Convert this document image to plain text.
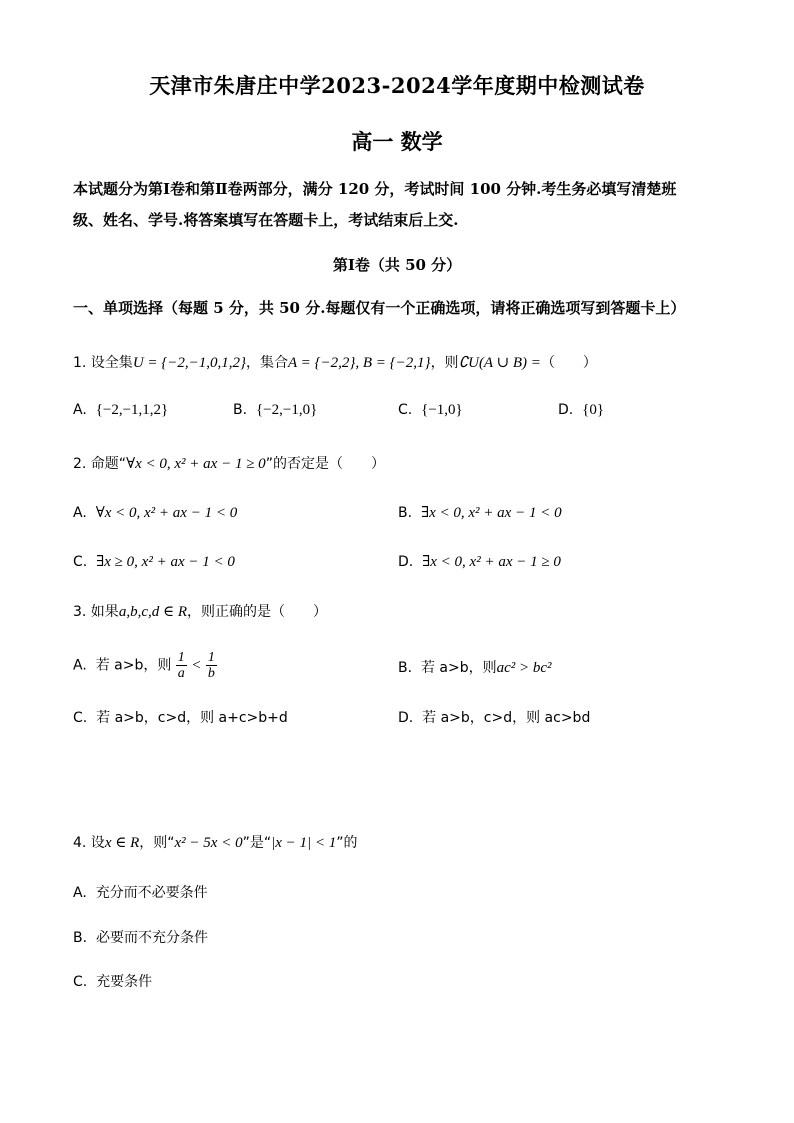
天津市朱唐庄中学2023-2024学年度期中检测试卷
高一 数学
本试题分为第Ⅰ卷和第Ⅱ卷两部分，满分 120 分，考试时间 100 分钟.考生务必填写清楚班
级、姓名、学号.将答案填写在答题卡上，考试结束后上交.
第Ⅰ卷（共 50 分）
一、单项选择（每题 5 分，共 50 分.每题仅有一个正确选项，请将正确选项写到答题卡上）
1. 设全集U = {−2,−1,0,1,2}，集合A = {−2,2}, B = {−2,1}，则∁U(A ∪ B) =（　　）
A. {−2,−1,1,2}	B. {−2,−1,0}	C. {−1,0}	D. {0}
2. 命题“∀x < 0, x² + ax − 1 ≥ 0”的否定是（　　）
A. ∀x < 0, x² + ax − 1 < 0	B. ∃x < 0, x² + ax − 1 < 0
C. ∃x ≥ 0, x² + ax − 1 < 0	D. ∃x < 0, x² + ax − 1 ≥ 0
3. 如果a,b,c,d ∈ R，则正确的是（　　）
A. 若 a>b，则 $\frac{1}{a} < \frac{1}{b}$	B. 若 a>b，则ac² > bc²
C. 若 a>b，c>d，则 a+c>b+d	D. 若 a>b，c>d，则 ac>bd
4. 设x ∈ R，则“x² − 5x < 0”是“|x − 1| < 1”的
A. 充分而不必要条件
B. 必要而不充分条件
C. 充要条件
